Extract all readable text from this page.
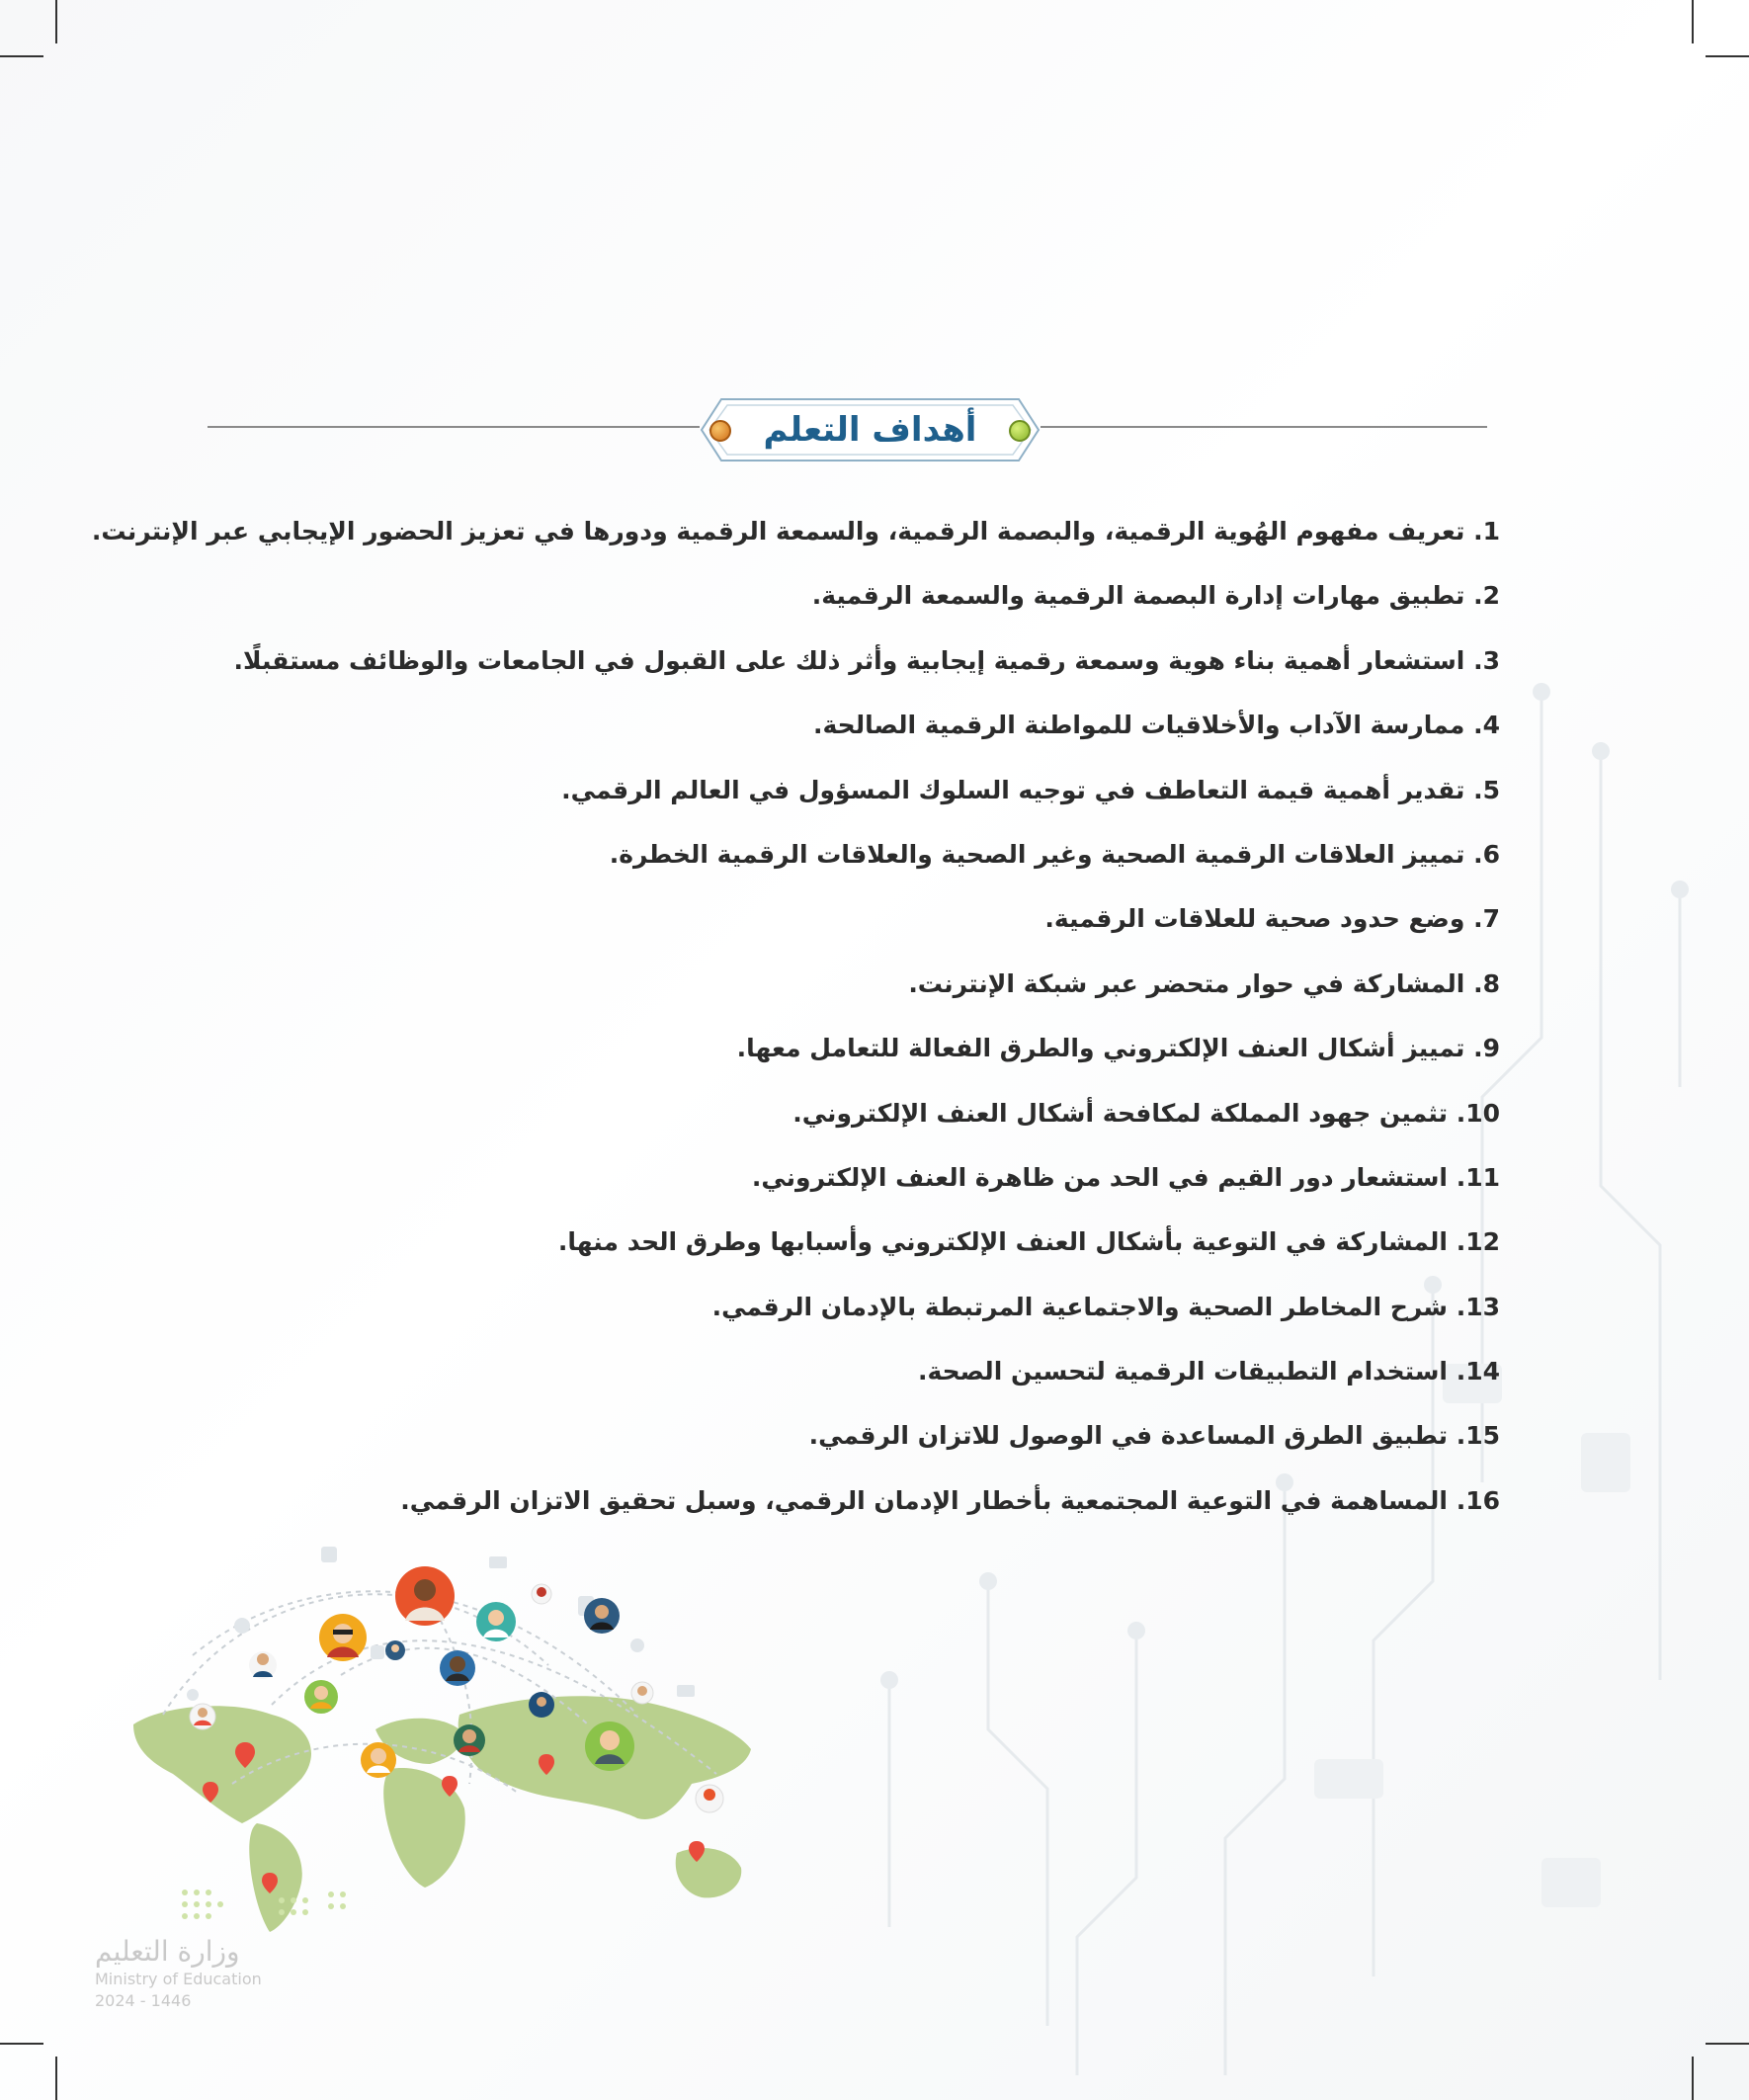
أهداف التعلم
1. تعريف مفهوم الهُوية الرقمية، والبصمة الرقمية، والسمعة الرقمية ودورها في تعزيز الحضور الإيجابي عبر الإنترنت.
2. تطبيق مهارات إدارة البصمة الرقمية والسمعة الرقمية.
3. استشعار أهمية بناء هوية وسمعة رقمية إيجابية وأثر ذلك على القبول في الجامعات والوظائف مستقبلًا.
4. ممارسة الآداب والأخلاقيات للمواطنة الرقمية الصالحة.
5. تقدير أهمية قيمة التعاطف في توجيه السلوك المسؤول في العالم الرقمي.
6. تمييز العلاقات الرقمية الصحية وغير الصحية والعلاقات الرقمية الخطرة.
7. وضع حدود صحية للعلاقات الرقمية.
8. المشاركة في حوار متحضر عبر شبكة الإنترنت.
9. تمييز أشكال العنف الإلكتروني والطرق الفعالة للتعامل معها.
10. تثمين جهود المملكة لمكافحة أشكال العنف الإلكتروني.
11. استشعار دور القيم في الحد من ظاهرة العنف الإلكتروني.
12. المشاركة في التوعية بأشكال العنف الإلكتروني وأسبابها وطرق الحد منها.
13. شرح المخاطر الصحية والاجتماعية المرتبطة بالإدمان الرقمي.
14. استخدام التطبيقات الرقمية لتحسين الصحة.
15. تطبيق الطرق المساعدة في الوصول للاتزان الرقمي.
16. المساهمة في التوعية المجتمعية بأخطار الإدمان الرقمي، وسبل تحقيق الاتزان الرقمي.
وزارة التعليم
Ministry of Education
2024 - 1446
